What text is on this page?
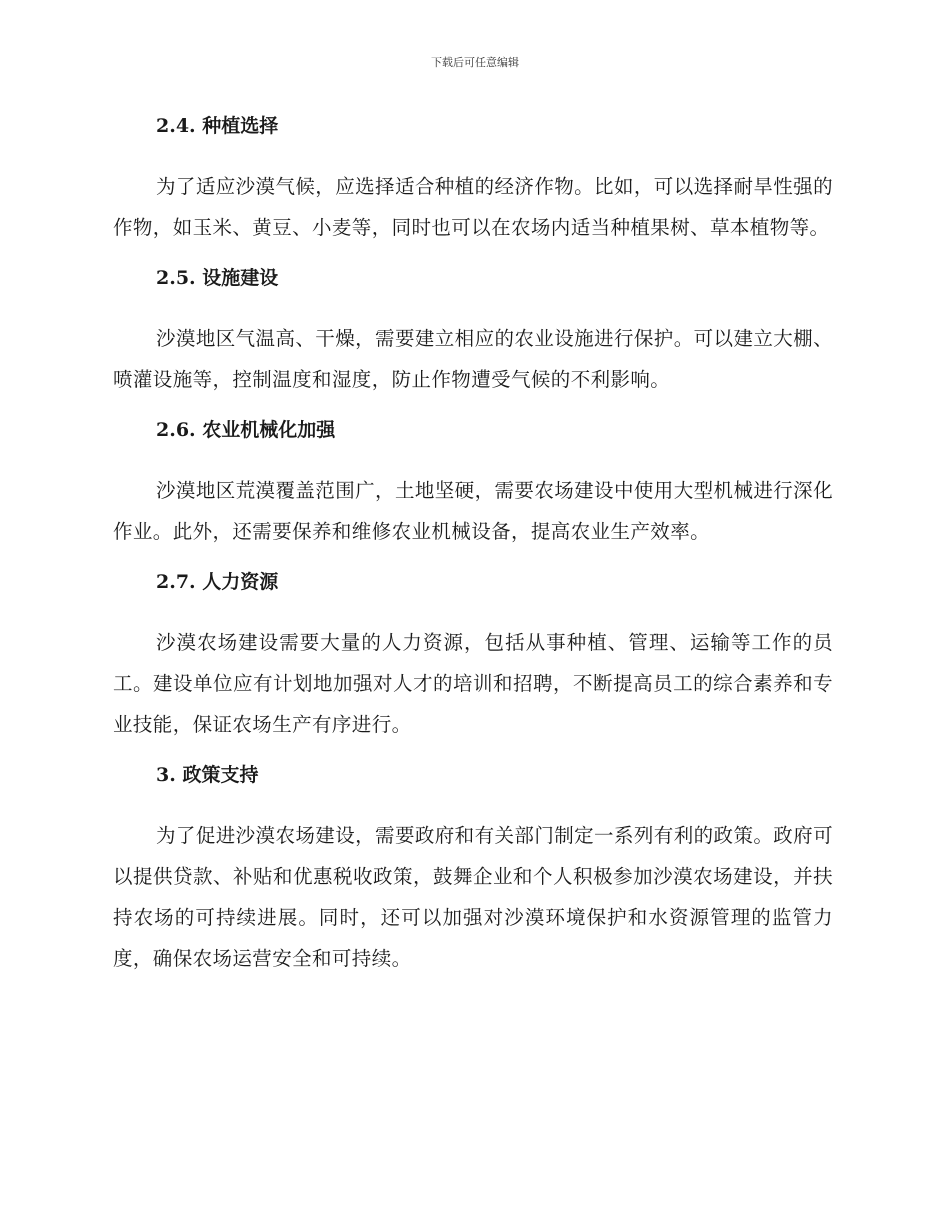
下载后可任意编辑
2.4. 种植选择

为了适应沙漠气候，应选择适合种植的经济作物。比如，可以选择耐旱性强的作物，如玉米、黄豆、小麦等，同时也可以在农场内适当种植果树、草本植物等。

2.5. 设施建设

沙漠地区气温高、干燥，需要建立相应的农业设施进行保护。可以建立大棚、喷灌设施等，控制温度和湿度，防止作物遭受气候的不利影响。

2.6. 农业机械化加强

沙漠地区荒漠覆盖范围广，土地坚硬，需要农场建设中使用大型机械进行深化作业。此外，还需要保养和维修农业机械设备，提高农业生产效率。

2.7. 人力资源

沙漠农场建设需要大量的人力资源，包括从事种植、管理、运输等工作的员工。建设单位应有计划地加强对人才的培训和招聘，不断提高员工的综合素养和专业技能，保证农场生产有序进行。

3. 政策支持

为了促进沙漠农场建设，需要政府和有关部门制定一系列有利的政策。政府可以提供贷款、补贴和优惠税收政策，鼓舞企业和个人积极参加沙漠农场建设，并扶持农场的可持续进展。同时，还可以加强对沙漠环境保护和水资源管理的监管力度，确保农场运营安全和可持续。
